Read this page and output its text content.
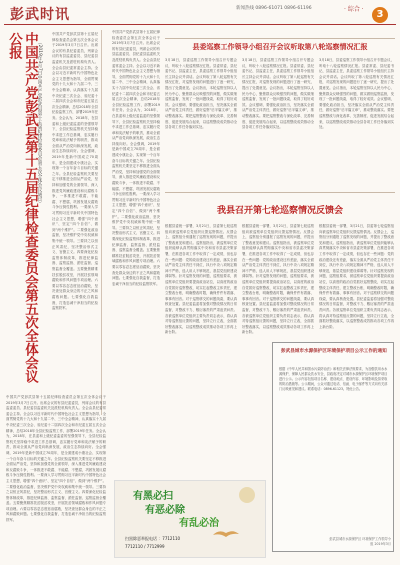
彭武时讯	新闻热线 0896-61071 0896-61196	· 综合 ·	3
中国共产党彭武县第十五届纪律检查委员会第五次全体会议公报	（2019年3月7日中国共产党彭武县第十五届纪律检查委员会第五次全体会议通过）
中国共产党彭武县第十五届纪律检查委员会第五次全体会议于2019年3月7日召开。出席会议的有县纪委委员，列席会议的有县监委委员、县纪委县监委机关及派驻机构负责人。全会由县纪委常委会主持。全会以习近平新时代中国特色社会主义思想为指导，全面贯彻党的十九大和十九届二中、三中全会精神，认真落实十九届中央纪委三次全会、省纪委十二届四次全会和市纪委五届五次全会精神，总结2018年全县纪检监察工作，部署2019年任务。全会认为，2018年，在县委和上级纪委监委的坚强领导下，全县纪检监察机关坚持稳中求进工作总基调，忠实履行党章和宪法赋予的职责，推动全面从严治党向纵深发展，政治生态持续向好。全会强调，2019年是新中国成立70周年，是全面建成小康社会、实现第一个百年奋斗目标的关键之年。全县纪检监察机关要坚定不移推进全面从严治党，坚持和加强党的全面领导，深入推进党风廉政建设和反腐败斗争，一体推进不敢腐、不能腐、不想腐，巩固发展反腐败斗争压倒性胜利。一要深入学习贯彻习近平新时代中国特色社会主义思想，增强“四个意识”、坚定“四个自信”、做到“两个维护”。二要强化政治监督，坚决维护党中央权威和集中统一领导。三要持之以恒正风肃纪，坚决整治形式主义、官僚主义。四要深化纪检监察体制改革，推进纪律监督、监察监督、派驻监督、巡察监督全覆盖。五要聚焦精准扶贫脱贫攻坚，开展扶贫领域腐败和作风问题专项治理。六要以零容忍态度惩治腐败，坚决查处群众身边的不正之风和腐败问题。七要强化自我监督，打造忠诚干净担当的纪检监察铁军。
中国共产党彭武县第十五届纪律检查委员会第五次全体会议于2019年3月7日召开。出席会议的有县纪委委员，列席会议的有县监委委员、县纪委县监委机关及派驻机构负责人。全会由县纪委常委会主持。全会以习近平新时代中国特色社会主义思想为指导，全面贯彻党的十九大和十九届二中、三中全会精神，认真落实十九届中央纪委三次全会、省纪委十二届四次全会和市纪委五届五次全会精神，总结2018年全县纪检监察工作，部署2019年任务。全会认为，2018年，在县委和上级纪委监委的坚强领导下，全县纪检监察机关坚持稳中求进工作总基调，忠实履行党章和宪法赋予的职责，推动全面从严治党向纵深发展，政治生态持续向好。全会强调，2019年是新中国成立70周年，是全面建成小康社会、实现第一个百年奋斗目标的关键之年。全县纪检监察机关要坚定不移推进全面从严治党，坚持和加强党的全面领导，深入推进党风廉政建设和反腐败斗争，一体推进不敢腐、不能腐、不想腐，巩固发展反腐败斗争压倒性胜利。一要深入学习贯彻习近平新时代中国特色社会主义思想，增强“四个意识”、坚定“四个自信”、做到“两个维护”。二要强化政治监督，坚决维护党中央权威和集中统一领导。三要持之以恒正风肃纪，坚决整治形式主义、官僚主义。四要深化纪检监察体制改革，推进纪律监督、监察监督、派驻监督、巡察监督全覆盖。五要聚焦精准扶贫脱贫攻坚，开展扶贫领域腐败和作风问题专项治理。六要以零容忍态度惩治腐败，坚决查处群众身边的不正之风和腐败问题。七要强化自我监督，打造忠诚干净担当的纪检监察铁军。
中国共产党彭武县第十五届纪律检查委员会第五次全体会议于2019年3月7日召开。出席会议的有县纪委委员，列席会议的有县监委委员、县纪委县监委机关及派驻机构负责人。全会由县纪委常委会主持。全会以习近平新时代中国特色社会主义思想为指导，全面贯彻党的十九大和十九届二中、三中全会精神，认真落实十九届中央纪委三次全会、省纪委十二届四次全会和市纪委五届五次全会精神，总结2018年全县纪检监察工作，部署2019年任务。全会认为，2018年，在县委和上级纪委监委的坚强领导下，全县纪检监察机关坚持稳中求进工作总基调，忠实履行党章和宪法赋予的职责，推动全面从严治党向纵深发展，政治生态持续向好。全会强调，2019年是新中国成立70周年，是全面建成小康社会、实现第一个百年奋斗目标的关键之年。全县纪检监察机关要坚定不移推进全面从严治党，坚持和加强党的全面领导，深入推进党风廉政建设和反腐败斗争，一体推进不敢腐、不能腐、不想腐，巩固发展反腐败斗争压倒性胜利。一要深入学习贯彻习近平新时代中国特色社会主义思想，增强“四个意识”、坚定“四个自信”、做到“两个维护”。二要强化政治监督，坚决维护党中央权威和集中统一领导。三要持之以恒正风肃纪，坚决整治形式主义、官僚主义。四要深化纪检监察体制改革，推进纪律监督、监察监督、派驻监督、巡察监督全覆盖。五要聚焦精准扶贫脱贫攻坚，开展扶贫领域腐败和作风问题专项治理。六要以零容忍态度惩治腐败，坚决查处群众身边的不正之风和腐败问题。七要强化自我监督，打造忠诚干净担当的纪检监察铁军。
县委巡察工作领导小组召开会议听取第八轮巡察情况汇报
3月18日，县委巡察工作领导小组召开专题会议，听取十八轮巡察情况汇报。县委常委、县纪委书记、县监委主任，县委巡察工作领导小组组长主持会议并讲话。会议听取了第八轮巡察有关情况汇报，对巡察发现的问题进行了逐一研究，提出了处置意见。会议指出，本轮巡察坚持以人民为中心，聚焦群众反映强烈的问题，做实做细巡察监督，发现了一批问题线索，取得了较好成效。会议强调，要强化政治担当，坚决落实全面从严治党主体责任，做好巡察“后半篇文章”，推动整改落实。要把巡察整改与深化改革、完善制度、促进发展结合起来，以巡察整改成效推动全县各项工作任务落到实处。
3月18日，县委巡察工作领导小组召开专题会议，听取十八轮巡察情况汇报。县委常委、县纪委书记、县监委主任，县委巡察工作领导小组组长主持会议并讲话。会议听取了第八轮巡察有关情况汇报，对巡察发现的问题进行了逐一研究，提出了处置意见。会议指出，本轮巡察坚持以人民为中心，聚焦群众反映强烈的问题，做实做细巡察监督，发现了一批问题线索，取得了较好成效。会议强调，要强化政治担当，坚决落实全面从严治党主体责任，做好巡察“后半篇文章”，推动整改落实。要把巡察整改与深化改革、完善制度、促进发展结合起来，以巡察整改成效推动全县各项工作任务落到实处。
3月18日，县委巡察工作领导小组召开专题会议，听取十八轮巡察情况汇报。县委常委、县纪委书记、县监委主任，县委巡察工作领导小组组长主持会议并讲话。会议听取了第八轮巡察有关情况汇报，对巡察发现的问题进行了逐一研究，提出了处置意见。会议指出，本轮巡察坚持以人民为中心，聚焦群众反映强烈的问题，做实做细巡察监督，发现了一批问题线索，取得了较好成效。会议强调，要强化政治担当，坚决落实全面从严治党主体责任，做好巡察“后半篇文章”，推动整改落实。要把巡察整改与深化改革、完善制度、促进发展结合起来，以巡察整改成效推动全县各项工作任务落到实处。
我县召开第七轮巡察情况反馈会
根据县委统一部署，3月21日，县委第七轮巡察组向被巡察单位党组织反馈巡察情况。反馈会上，巡察组分别通报了巡察发现的问题，并提出了整改意见和建议。巡察组指出，被巡察单位党组织能够认真贯彻落实中央和省市县委决策部署，在推进各项工作中取得了一定成绩，但也存在一些问题：党的政治建设还有差距，落实全面从严治党主体责任不到位，执行中央八项规定精神不严格，选人用人不够规范，基层党组织建设薄弱等。针对巡察发现的问题，巡察组要求，被巡察单位党组织要提高政治站位，以高度的政治自觉抓好巡察整改，切实扛起整改主体责任，建立整改台账，明确整改时限，确保件件有着落、事事有回音。对于巡察移交的问题线索，要认真核查处置。县纪委监委将加强对整改情况的日常监督，对整改不力、敷衍塞责的严肃追责问责。各被巡察单位党组织主要负责同志表示，将认真对待巡察组反馈的问题，坚持立行立改，全面抓好整改落实，以巡察整改成效推动各项工作再上新台阶。
根据县委统一部署，3月21日，县委第七轮巡察组向被巡察单位党组织反馈巡察情况。反馈会上，巡察组分别通报了巡察发现的问题，并提出了整改意见和建议。巡察组指出，被巡察单位党组织能够认真贯彻落实中央和省市县委决策部署，在推进各项工作中取得了一定成绩，但也存在一些问题：党的政治建设还有差距，落实全面从严治党主体责任不到位，执行中央八项规定精神不严格，选人用人不够规范，基层党组织建设薄弱等。针对巡察发现的问题，巡察组要求，被巡察单位党组织要提高政治站位，以高度的政治自觉抓好巡察整改，切实扛起整改主体责任，建立整改台账，明确整改时限，确保件件有着落、事事有回音。对于巡察移交的问题线索，要认真核查处置。县纪委监委将加强对整改情况的日常监督，对整改不力、敷衍塞责的严肃追责问责。各被巡察单位党组织主要负责同志表示，将认真对待巡察组反馈的问题，坚持立行立改，全面抓好整改落实，以巡察整改成效推动各项工作再上新台阶。
根据县委统一部署，3月21日，县委第七轮巡察组向被巡察单位党组织反馈巡察情况。反馈会上，巡察组分别通报了巡察发现的问题，并提出了整改意见和建议。巡察组指出，被巡察单位党组织能够认真贯彻落实中央和省市县委决策部署，在推进各项工作中取得了一定成绩，但也存在一些问题：党的政治建设还有差距，落实全面从严治党主体责任不到位，执行中央八项规定精神不严格，选人用人不够规范，基层党组织建设薄弱等。针对巡察发现的问题，巡察组要求，被巡察单位党组织要提高政治站位，以高度的政治自觉抓好巡察整改，切实扛起整改主体责任，建立整改台账，明确整改时限，确保件件有着落、事事有回音。对于巡察移交的问题线索，要认真核查处置。县纪委监委将加强对整改情况的日常监督，对整改不力、敷衍塞责的严肃追责问责。各被巡察单位党组织主要负责同志表示，将认真对待巡察组反馈的问题，坚持立行立改，全面抓好整改落实，以巡察整改成效推动各项工作再上新台阶。
彭武县城市水源保护区环境保护项目公示工作的通知
根据《中华人民共和国水污染防治法》和相关法律法规要求，为加强饮用水水源保护，保障人民群众饮水安全，县政府决定对城市水源保护区环境保护项目进行公示。公示内容包括项目名称、建设地点、建设内容、环境影响及拟采取的防治措施等。公示期间，公众可通过电话、信函、电子邮件等方式向有关部门反映意见和建议。联系电话：0896-61123。特此公告。
彭武县城市水源保护区 环境保护工作领导小组 2019年3月
有黑必扫
有恶必除
有乱必治
扫黑除恶举报电话 ：7712110
7712110 / 7712999
